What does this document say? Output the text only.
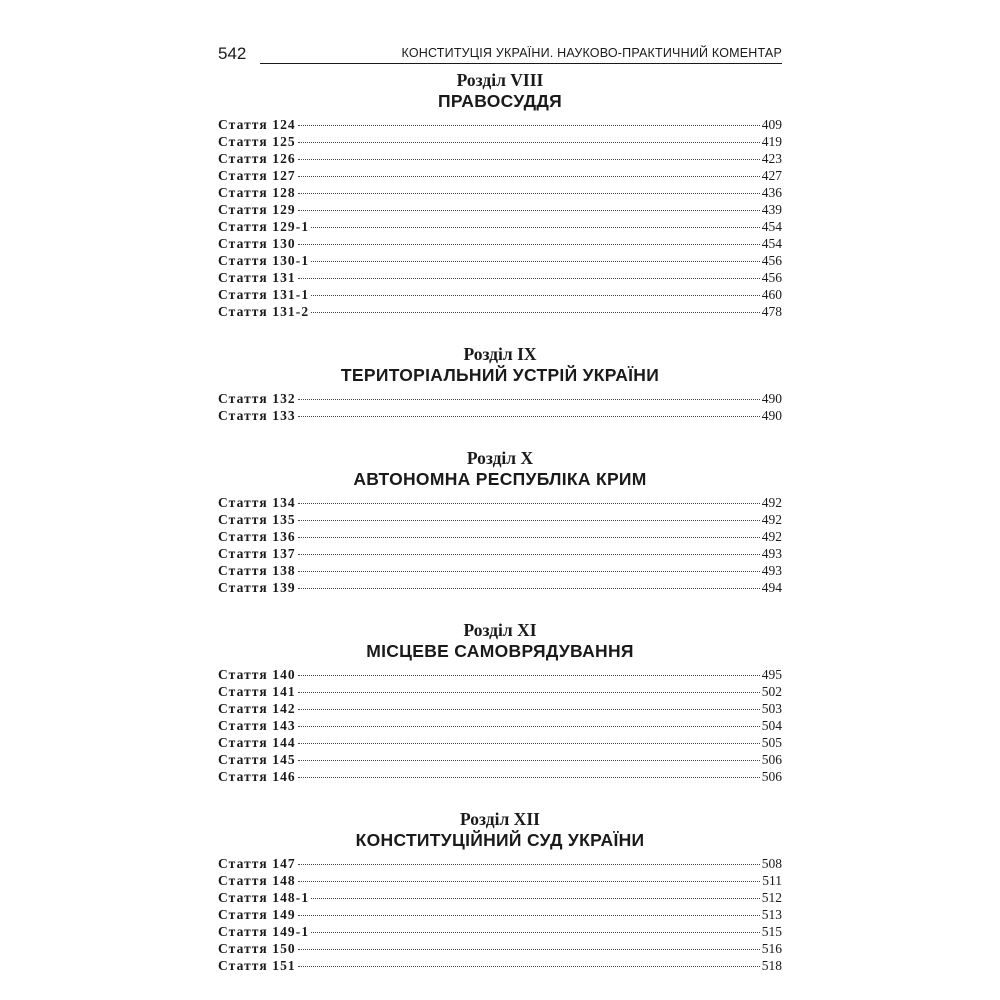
542	КОНСТИТУЦІЯ УКРАЇНИ. НАУКОВО-ПРАКТИЧНИЙ КОМЕНТАР
Розділ VIII
ПРАВОСУДДЯ
Стаття 124	409
Стаття 125	419
Стаття 126	423
Стаття 127	427
Стаття 128	436
Стаття 129	439
Стаття 129-1	454
Стаття 130	454
Стаття 130-1	456
Стаття 131	456
Стаття 131-1	460
Стаття 131-2	478
Розділ IX
ТЕРИТОРІАЛЬНИЙ УСТРІЙ УКРАЇНИ
Стаття 132	490
Стаття 133	490
Розділ X
АВТОНОМНА РЕСПУБЛІКА КРИМ
Стаття 134	492
Стаття 135	492
Стаття 136	492
Стаття 137	493
Стаття 138	493
Стаття 139	494
Розділ XI
МІСЦЕВЕ САМОВРЯДУВАННЯ
Стаття 140	495
Стаття 141	502
Стаття 142	503
Стаття 143	504
Стаття 144	505
Стаття 145	506
Стаття 146	506
Розділ XII
КОНСТИТУЦІЙНИЙ СУД УКРАЇНИ
Стаття 147	508
Стаття 148	511
Стаття 148-1	512
Стаття 149	513
Стаття 149-1	515
Стаття 150	516
Стаття 151	518
